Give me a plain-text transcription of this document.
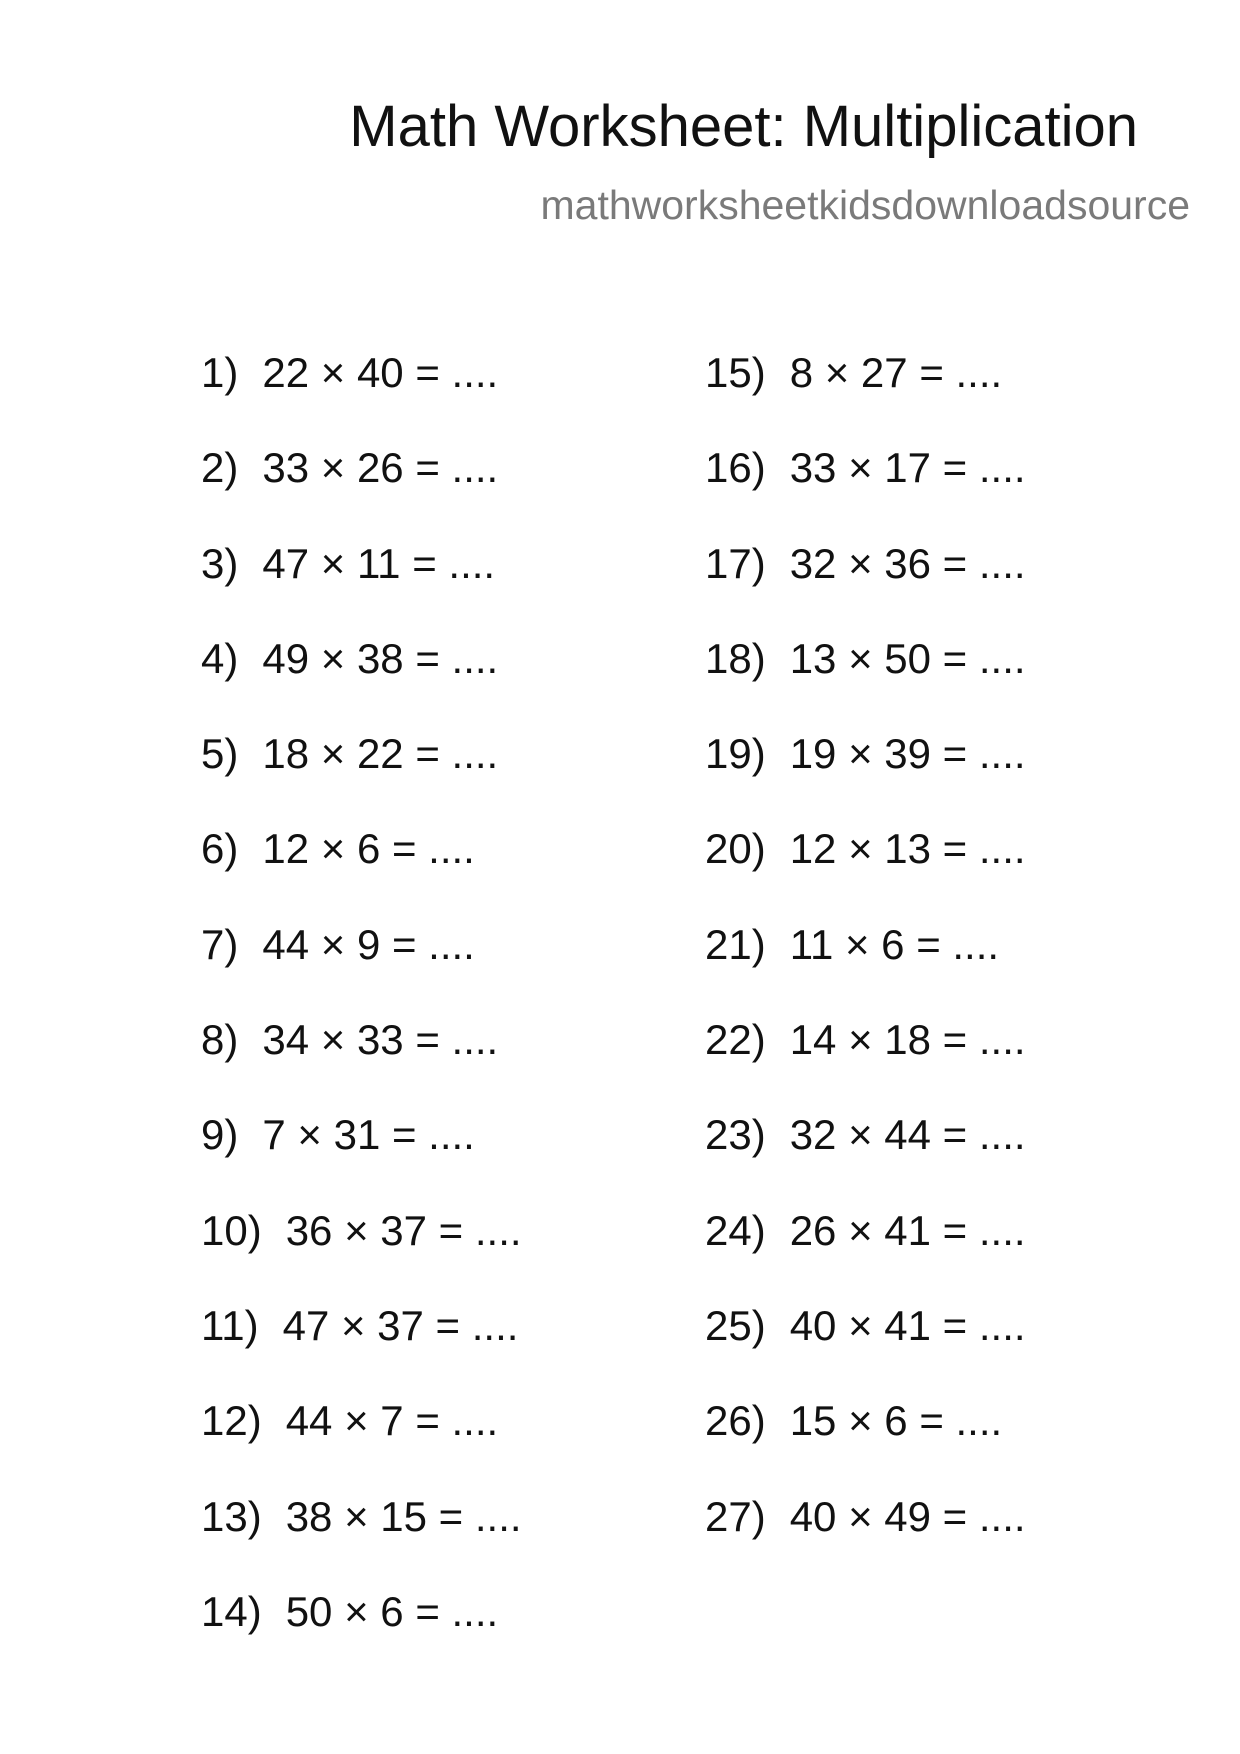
Math Worksheet: Multiplication
mathworksheetkidsdownloadsource
1) 22 × 40 = ....
2) 33 × 26 = ....
3) 47 × 11 = ....
4) 49 × 38 = ....
5) 18 × 22 = ....
6) 12 × 6 = ....
7) 44 × 9 = ....
8) 34 × 33 = ....
9) 7 × 31 = ....
10) 36 × 37 = ....
11) 47 × 37 = ....
12) 44 × 7 = ....
13) 38 × 15 = ....
14) 50 × 6 = ....
15) 8 × 27 = ....
16) 33 × 17 = ....
17) 32 × 36 = ....
18) 13 × 50 = ....
19) 19 × 39 = ....
20) 12 × 13 = ....
21) 11 × 6 = ....
22) 14 × 18 = ....
23) 32 × 44 = ....
24) 26 × 41 = ....
25) 40 × 41 = ....
26) 15 × 6 = ....
27) 40 × 49 = ....
